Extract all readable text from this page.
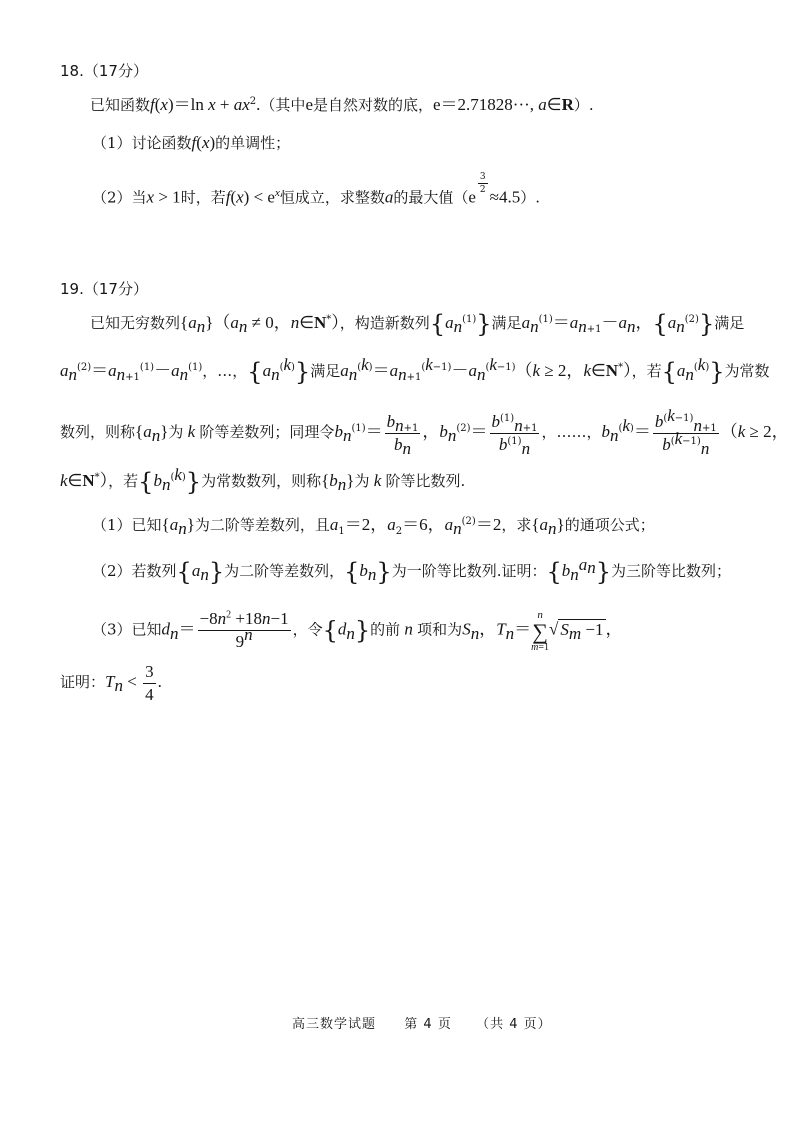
18.（17分）
已知函数f(x)＝ln $x + ax^2$.（其中e是自然对数的底，e＝2.71828···, a∈R）.
（1）讨论函数f(x)的单调性；
（2）当x > 1时，若$f(x) < e^x$恒成立，求整数a的最大值（e
$^{\frac{3}{2}}$
≈4.5）.
19.（17分）
已知无穷数列$\{a_n\}(a_n \ne 0$，n∈N*），构造新数列$\{a_n^{(1)}\}$满足$a_n^{(1)}=a_{n+1}-a_n$，$\{a_n^{(2)}\}$满足
$a_n^{(2)}=a_{n+1}^{(1)}-a_n^{(1)}$，…，$\{a_n^{(k)}\}$满足$a_n^{(k)}=a_{n+1}^{(k-1)}-a_n^{(k-1)}(k \ge 2$，k∈N*），若$\{a_n^{(k)}\}$为常数
数列，则称$\{a_n\}$为 k 阶等差数列；同理令$b_n^{(1)}= \frac{b_{n+1}}{b_n}$ ，$b_n^{(2)}= \frac{b^{(1)}_{n+1}}{b^{(1)}_n}$ ，……，$b_n^{(k)}= \frac{b^{(k-1)}_{n+1}}{b^{(k-1)}_n} (k \ge 2$，
k∈N*），若$\{b_n^{(k)}\}$为常数数列，则称$\{b_n\}$为 k 阶等比数列.
（1）已知$\{a_n\}$为二阶等差数列，且$a_1=2$，$a_2=6$，$a_n^{(2)}=2$，求$\{a_n\}$的通项公式；
（2）若数列$\{a_n\}$为二阶等差数列，$\{b_n\}$为一阶等比数列.证明：$\{b_n^{a_n}\}$为三阶等比数列；
（3）已知$d_n= \frac{-8n^2 +18n-1}{9^n}$ ，令$\{d_n\}$的前 n 项和为$S_n$，$T_n=$
n
∑
m=1
√ $S_m -1$ ，
证明：$T_n < \frac{3}{4}$ .
高三数学试题 第 4 页 （共 4 页）
